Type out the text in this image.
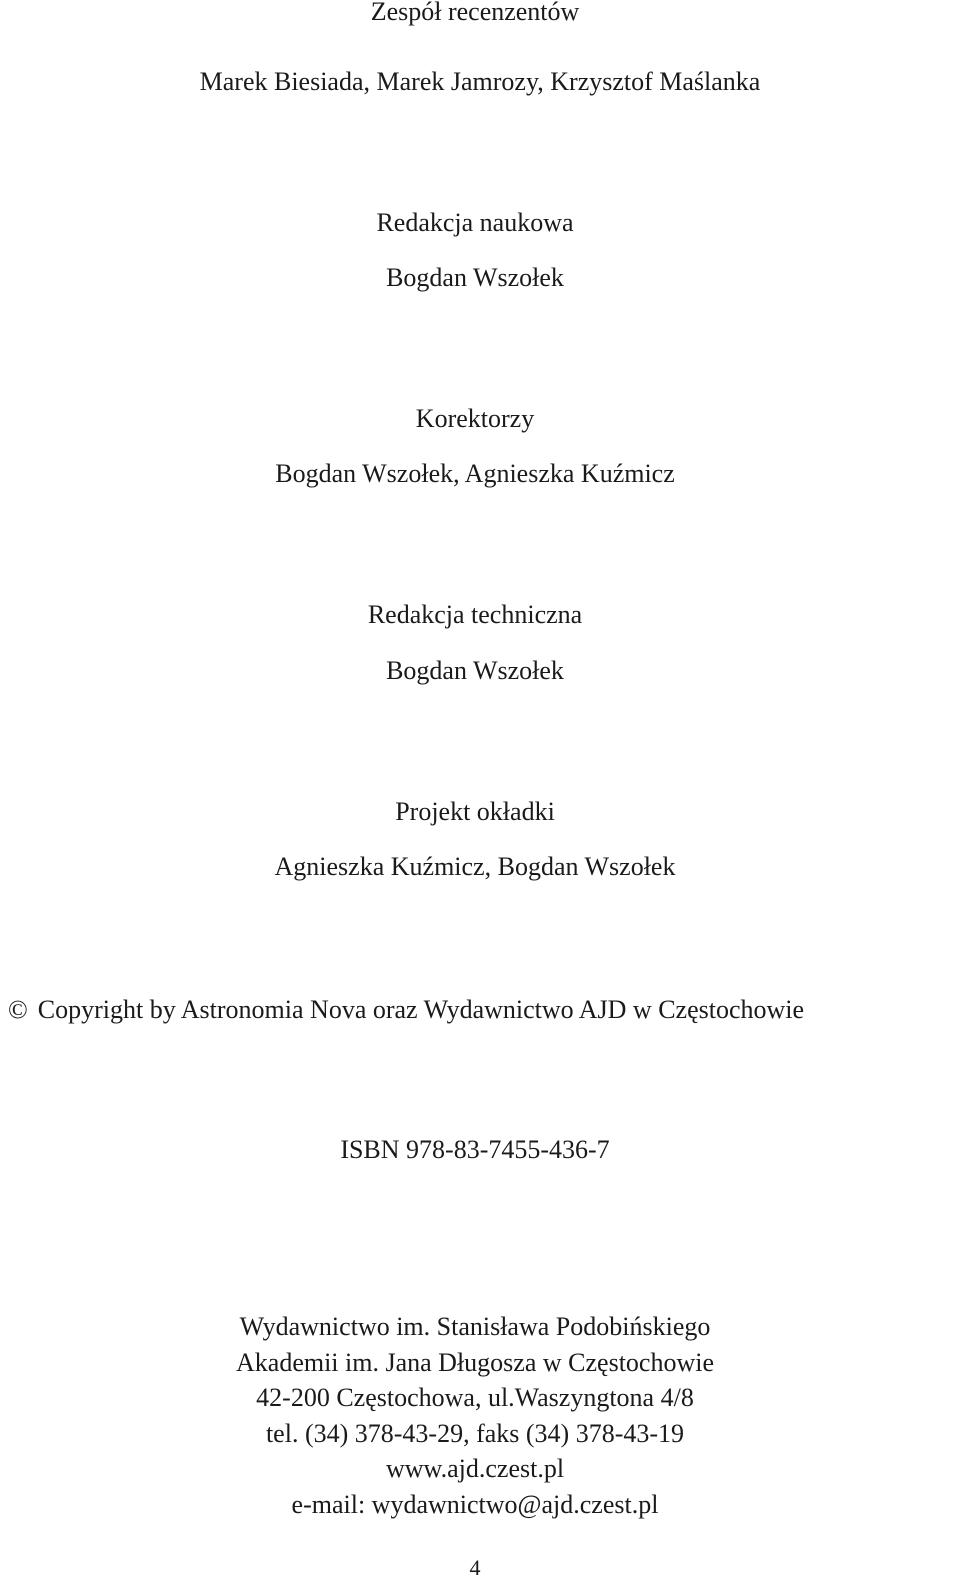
Zespół recenzentów
Marek Biesiada, Marek Jamrozy, Krzysztof Maślanka
Redakcja naukowa
Bogdan Wszołek
Korektorzy
Bogdan Wszołek, Agnieszka Kuźmicz
Redakcja techniczna
Bogdan Wszołek
Projekt okładki
Agnieszka Kuźmicz, Bogdan Wszołek
© Copyright by Astronomia Nova oraz Wydawnictwo AJD w Częstochowie
ISBN 978-83-7455-436-7
Wydawnictwo im. Stanisława Podobińskiego
Akademii im. Jana Długosza w Częstochowie
42-200 Częstochowa, ul.Waszyngtona 4/8
tel. (34) 378-43-29, faks (34) 378-43-19
www.ajd.czest.pl
e-mail: wydawnictwo@ajd.czest.pl
4
